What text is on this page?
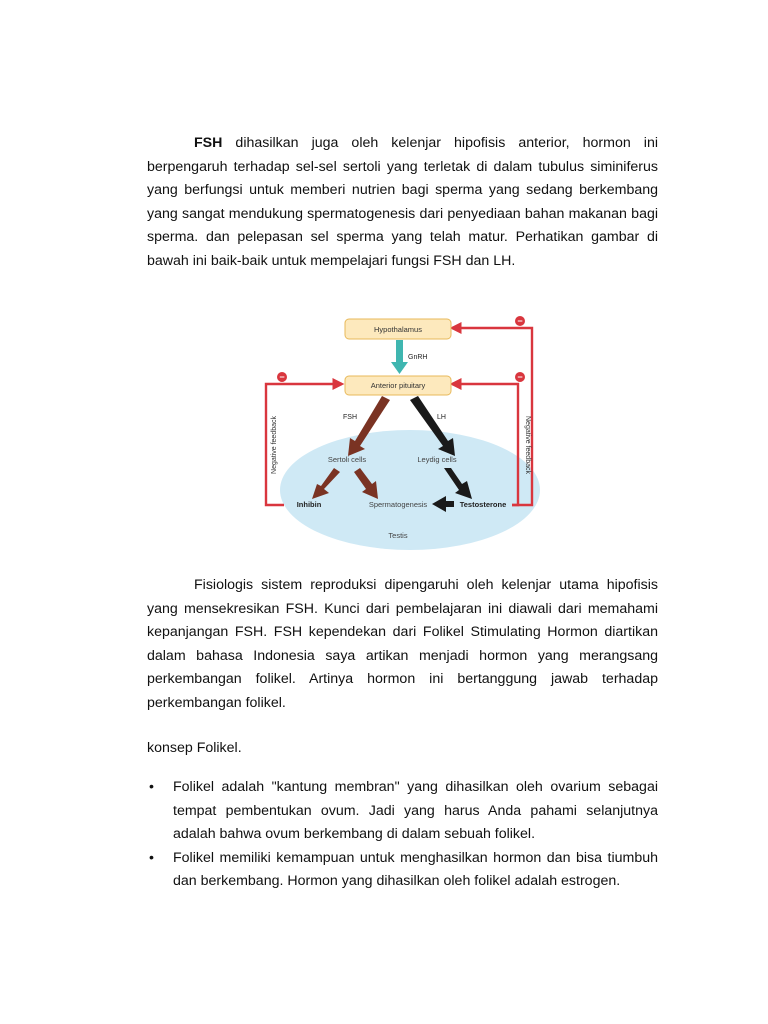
FSH dihasilkan juga oleh kelenjar hipofisis anterior, hormon ini berpengaruh terhadap sel-sel sertoli yang terletak di dalam tubulus siminiferus yang berfungsi untuk memberi nutrien bagi sperma yang sedang berkembang yang sangat mendukung spermatogenesis dari penyediaan bahan makanan bagi sperma. dan pelepasan sel sperma yang telah matur. Perhatikan gambar di bawah ini baik-baik untuk mempelajari fungsi FSH dan LH.

−
−
−
Negative feedback	Negative feedback
Hypothalamus
GnRH
Anterior pituitary
FSH	LH
Sertoli cells	Leydig cells
Inhibin	Spermatogenesis	Testosterone
Testis

Fisiologis sistem reproduksi dipengaruhi oleh kelenjar utama hipofisis yang mensekresikan FSH. Kunci dari pembelajaran ini diawali dari memahami kepanjangan FSH. FSH kependekan dari Folikel Stimulating Hormon diartikan dalam bahasa Indonesia saya artikan menjadi hormon yang merangsang perkembangan folikel. Artinya hormon ini bertanggung jawab terhadap perkembangan folikel.

konsep Folikel.

• Folikel adalah "kantung membran" yang dihasilkan oleh ovarium sebagai tempat pembentukan ovum. Jadi yang harus Anda pahami selanjutnya adalah bahwa ovum berkembang di dalam sebuah folikel.
• Folikel memiliki kemampuan untuk menghasilkan hormon dan bisa tiumbuh dan berkembang. Hormon yang dihasilkan oleh folikel adalah estrogen.
